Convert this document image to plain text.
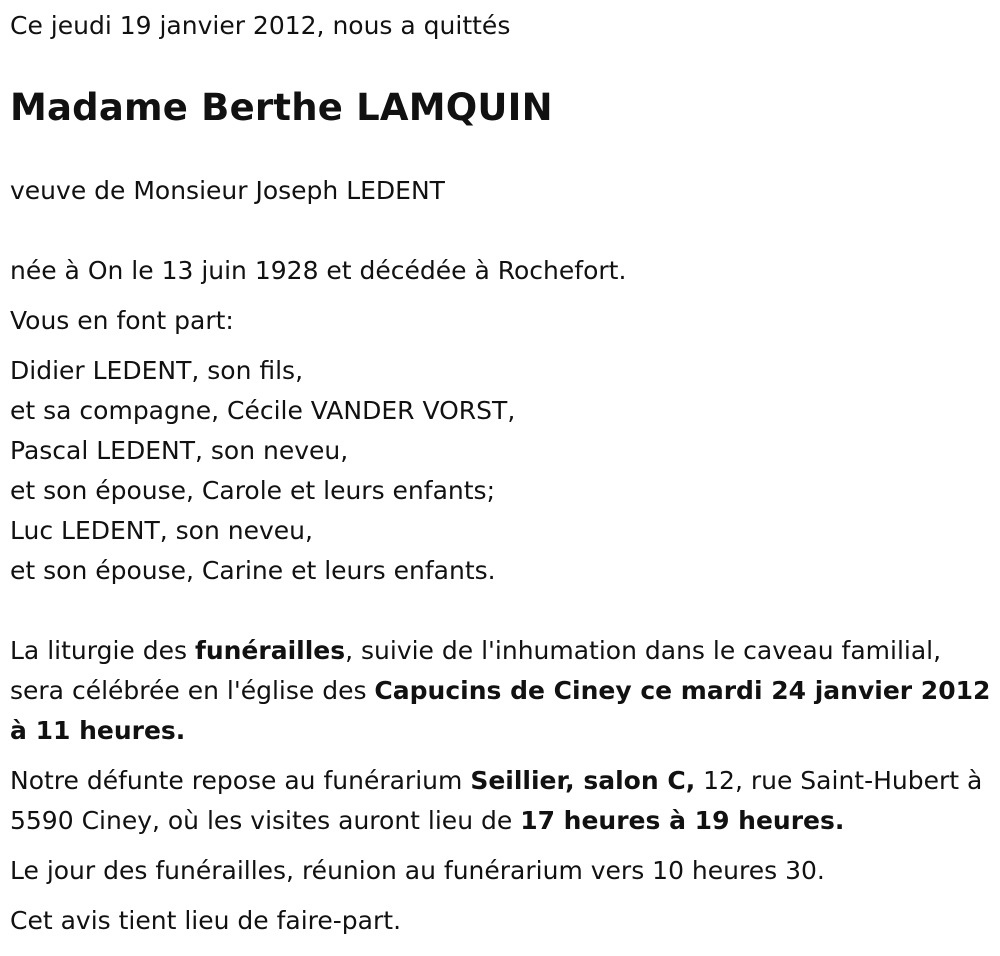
Ce jeudi 19 janvier 2012, nous a quittés

Madame Berthe LAMQUIN

veuve de Monsieur Joseph LEDENT

née à On le 13 juin 1928 et décédée à Rochefort.

Vous en font part:

Didier LEDENT, son fils,
et sa compagne, Cécile VANDER VORST,
Pascal LEDENT, son neveu,
et son épouse, Carole et leurs enfants;
Luc LEDENT, son neveu,
et son épouse, Carine et leurs enfants.

La liturgie des funérailles, suivie de l'inhumation dans le caveau familial, sera célébrée en l'église des Capucins de Ciney ce mardi 24 janvier 2012 à 11 heures.

Notre défunte repose au funérarium Seillier, salon C, 12, rue Saint-Hubert à 5590 Ciney, où les visites auront lieu de 17 heures à 19 heures.

Le jour des funérailles, réunion au funérarium vers 10 heures 30.

Cet avis tient lieu de faire-part.
